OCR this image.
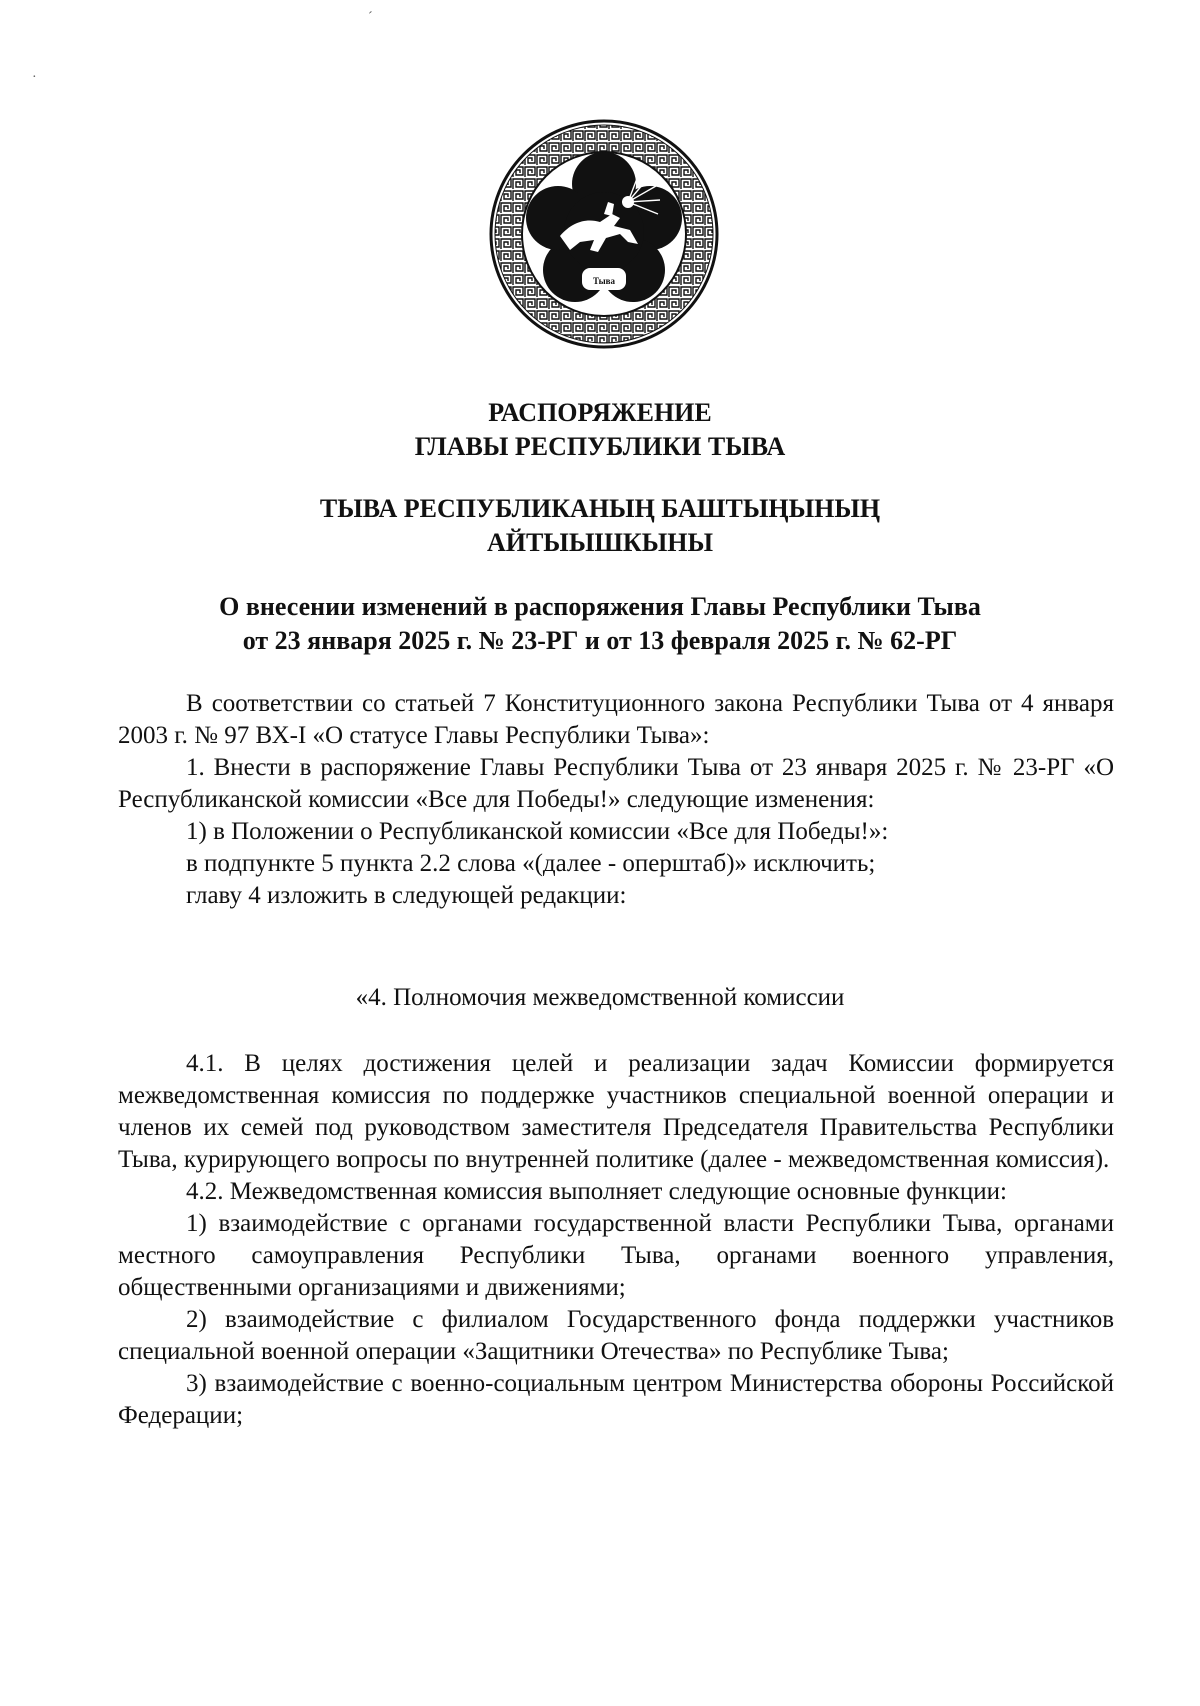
´
·
Тыва
РАСПОРЯЖЕНИЕ
ГЛАВЫ РЕСПУБЛИКИ ТЫВА
ТЫВА РЕСПУБЛИКАНЫҢ БАШТЫҢЫНЫҢ
АЙТЫЫШКЫНЫ
О внесении изменений в распоряжения Главы Республики Тыва
от 23 января 2025 г. № 23-РГ и от 13 февраля 2025 г. № 62-РГ

В соответствии со статьей 7 Конституционного закона Республики Тыва от 4 января 2003 г. № 97 ВХ-I «О статусе Главы Республики Тыва»:

1. Внести в распоряжение Главы Республики Тыва от 23 января 2025 г. № 23-РГ «О Республиканской комиссии «Все для Победы!» следующие изменения:

1) в Положении о Республиканской комиссии «Все для Победы!»:

в подпункте 5 пункта 2.2 слова «(далее - оперштаб)» исключить;

главу 4 изложить в следующей редакции:

«4. Полномочия межведомственной комиссии

4.1. В целях достижения целей и реализации задач Комиссии формируется межведомственная комиссия по поддержке участников специальной военной операции и членов их семей под руководством заместителя Председателя Правительства Республики Тыва, курирующего вопросы по внутренней политике (далее - межведомственная комиссия).

4.2. Межведомственная комиссия выполняет следующие основные функции:

1) взаимодействие с органами государственной власти Республики Тыва, органами местного самоуправления Республики Тыва, органами военного управления, общественными организациями и движениями;

2) взаимодействие с филиалом Государственного фонда поддержки участников специальной военной операции «Защитники Отечества» по Республике Тыва;

3) взаимодействие с военно-социальным центром Министерства обороны Российской Федерации;
